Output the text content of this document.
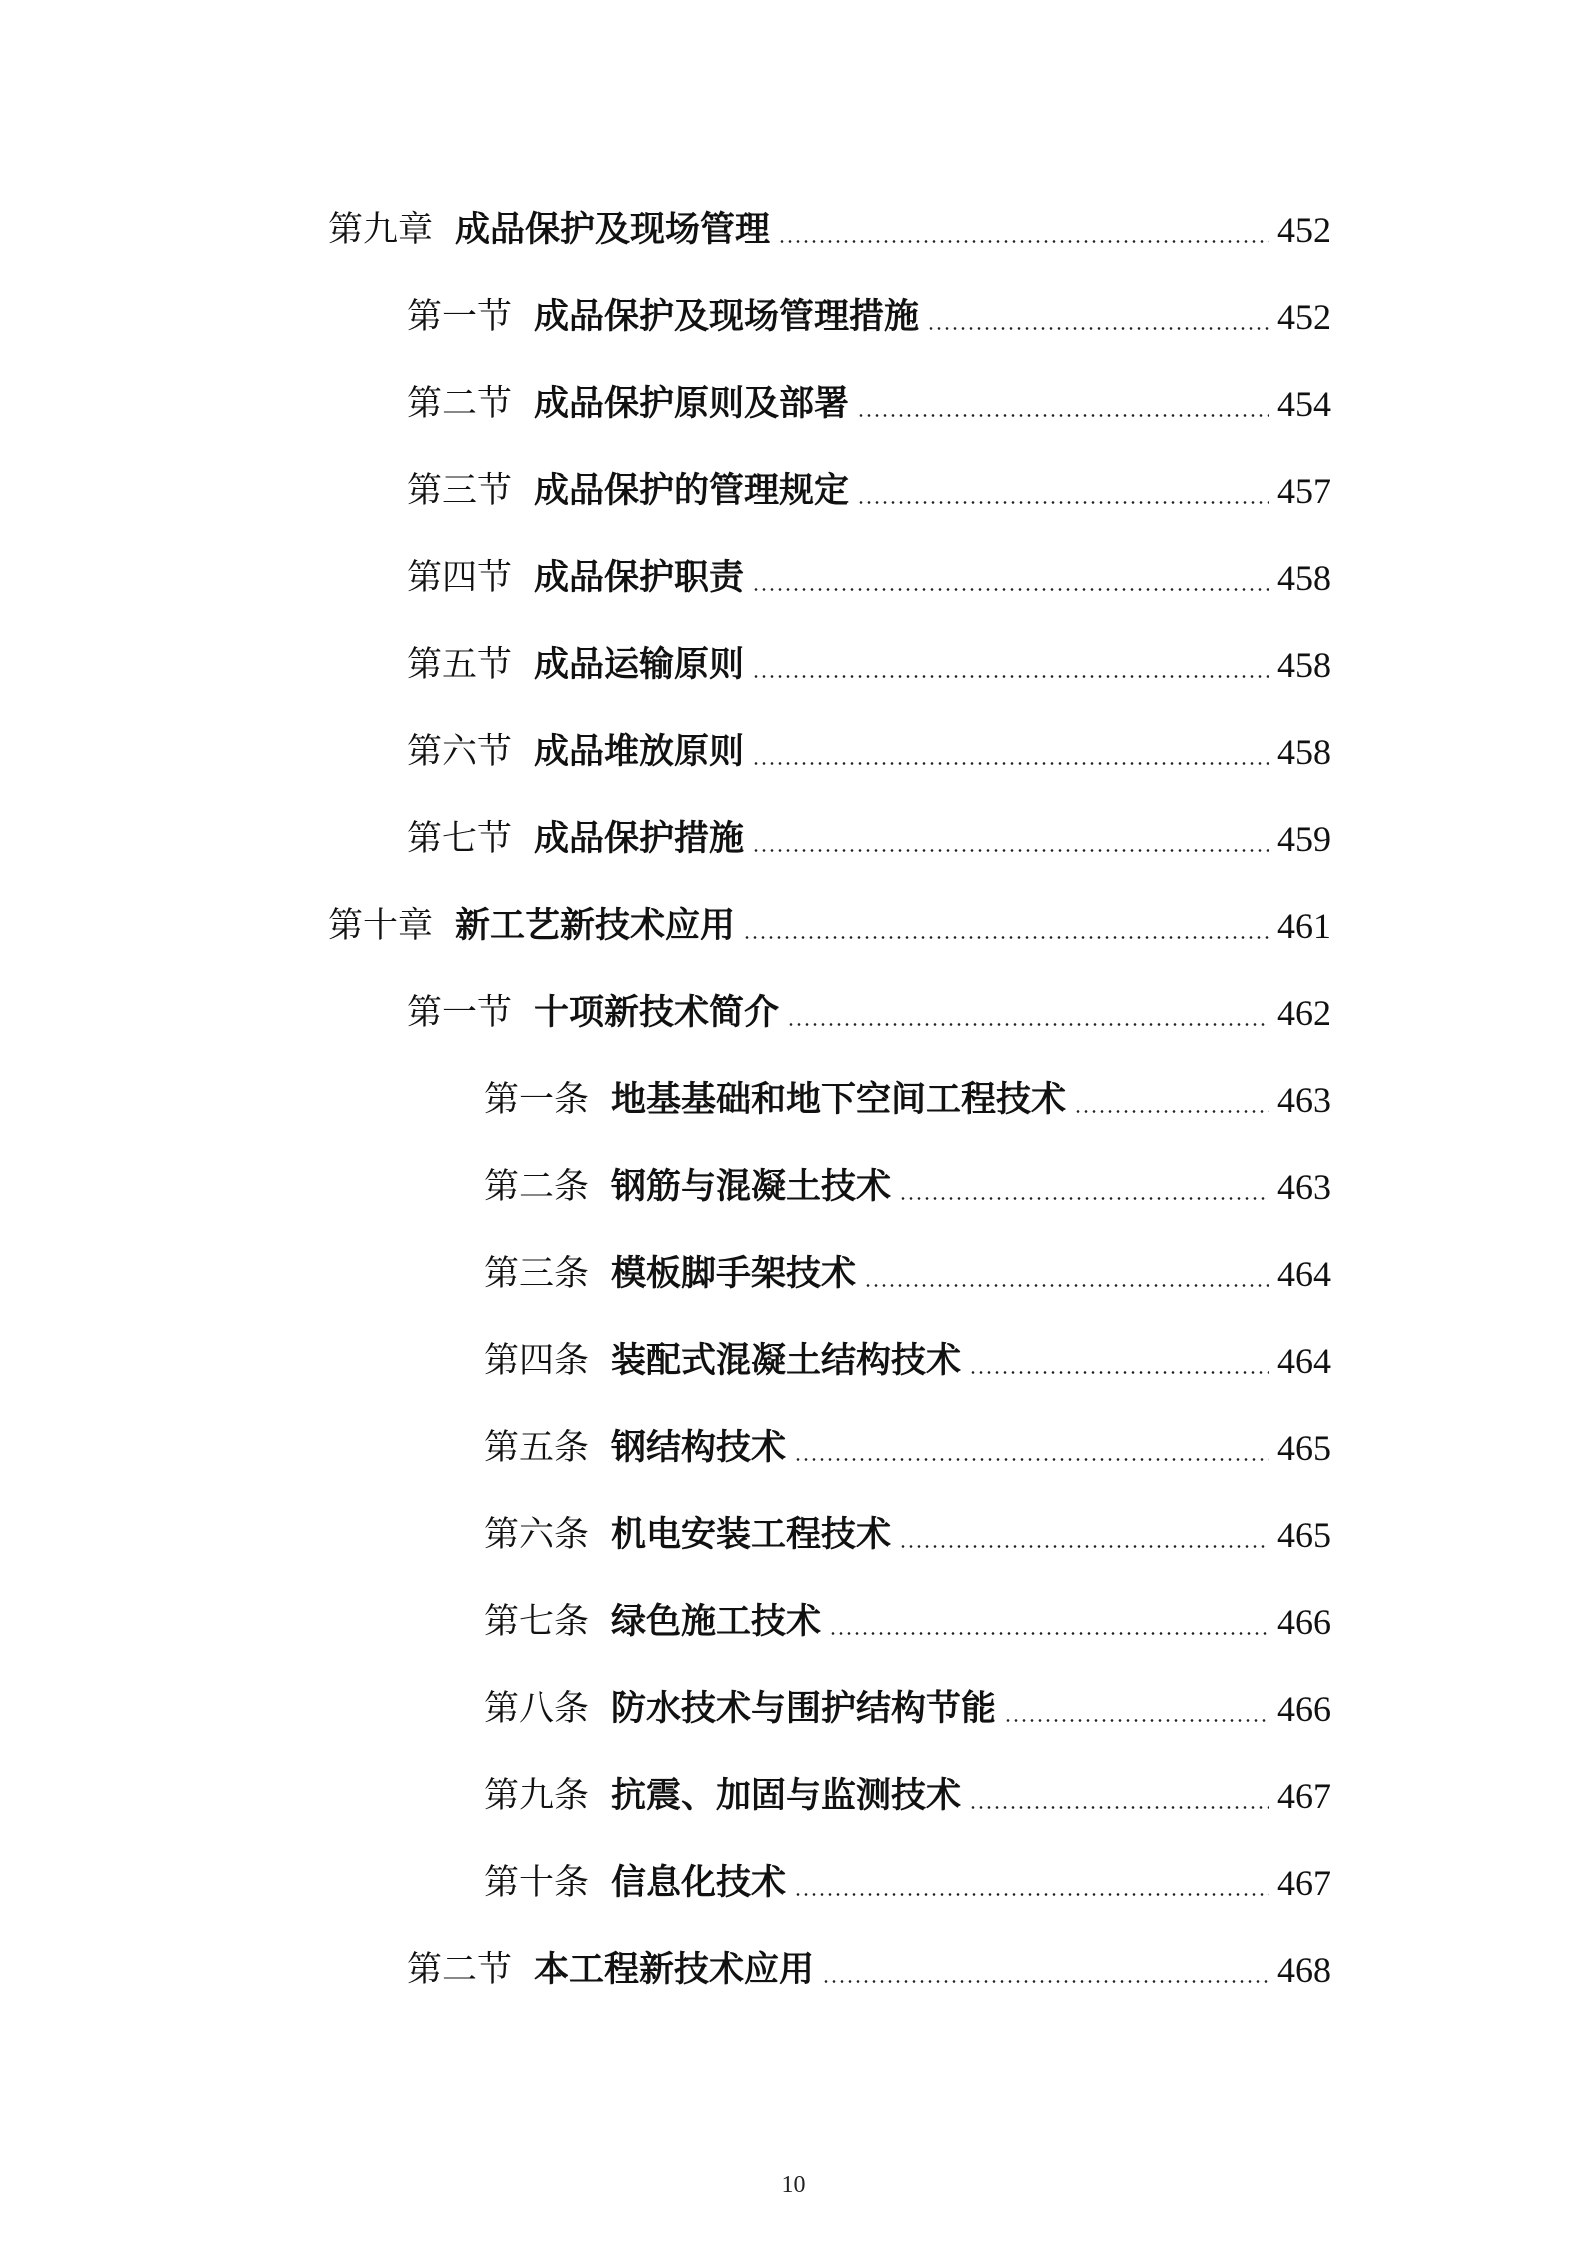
第九章 成品保护及现场管理	452
第一节 成品保护及现场管理措施	452
第二节 成品保护原则及部署	454
第三节 成品保护的管理规定	457
第四节 成品保护职责	458
第五节 成品运输原则	458
第六节 成品堆放原则	458
第七节 成品保护措施	459
第十章 新工艺新技术应用	461
第一节 十项新技术简介	462
第一条 地基基础和地下空间工程技术	463
第二条 钢筋与混凝土技术	463
第三条 模板脚手架技术	464
第四条 装配式混凝土结构技术	464
第五条 钢结构技术	465
第六条 机电安装工程技术	465
第七条 绿色施工技术	466
第八条 防水技术与围护结构节能	466
第九条 抗震、加固与监测技术	467
第十条 信息化技术	467
第二节 本工程新技术应用	468
10
